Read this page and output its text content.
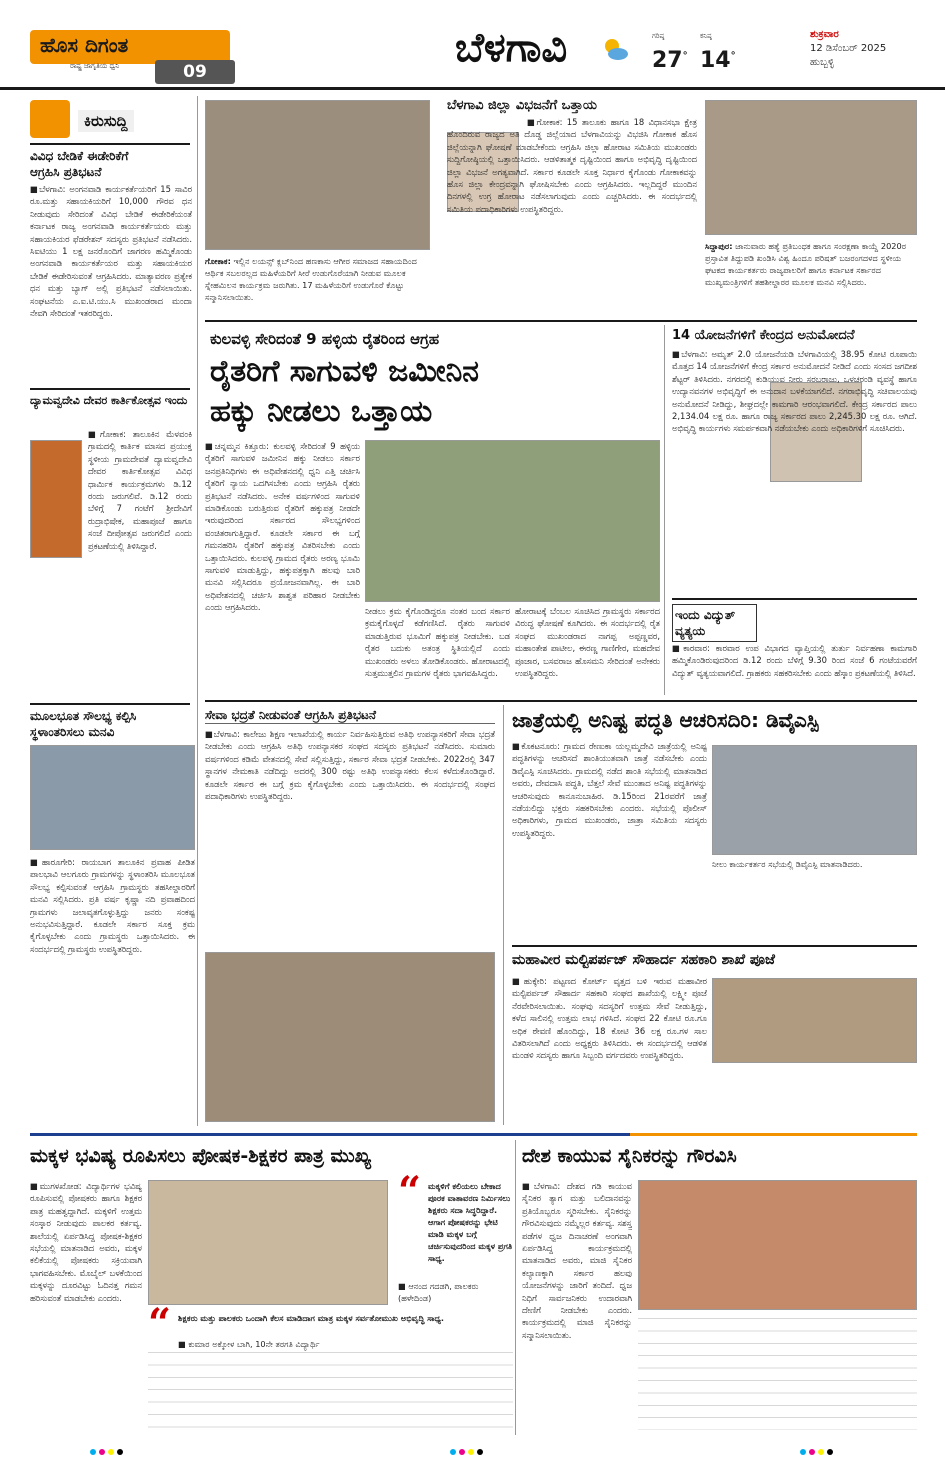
ಹೊಸ ದಿಗಂತ
ರಾಷ್ಟ್ರ ಜಾಗೃತಿಯ ಧ್ವನಿ	09
ಬೆಳಗಾವಿ	ಗರಿಷ್ಠ
27°
ಕನಿಷ್ಠ
14°
ಶುಕ್ರವಾರ
12 ಡಿಸೆಂಬರ್ 2025
ಹುಬ್ಬಳ್ಳಿ
ಕಿರುಸುದ್ದಿ
ವಿವಿಧ ಬೇಡಿಕೆ ಈಡೇರಿಕೆಗೆ
ಆಗ್ರಹಿಸಿ ಪ್ರತಿಭಟನೆ
■ಬೆಳಗಾವಿ: ಅಂಗನವಾಡಿ ಕಾರ್ಯಕರ್ತೆಯರಿಗೆ 15 ಸಾವಿರ ರೂ.ಮತ್ತು ಸಹಾಯಕಿಯರಿಗೆ 10,000 ಗೌರವ ಧನ ನೀಡುವುದು ಸೇರಿದಂತೆ ವಿವಿಧ ಬೇಡಿಕೆ ಈಡೇರಿಕೆಯಂತೆ ಕರ್ನಾಟಕ ರಾಜ್ಯ ಅಂಗನವಾಡಿ ಕಾರ್ಯಕರ್ತೆಯರು ಮತ್ತು ಸಹಾಯಕಿಯರ ಫೆಡರೇಶನ್ ಸದಸ್ಯರು ಪ್ರತಿಭಟನೆ ನಡೆಸಿದರು. ಸಿಐಟಿಯು 1 ಲಕ್ಷ ಜನರೊಂದಿಗೆ ಜಾಗರಣ ಹಮ್ಮಿಕೊಂಡು ಅಂಗನವಾಡಿ ಕಾರ್ಯಕರ್ತೆಯರ ಮತ್ತು ಸಹಾಯಕಿಯರ ಬೇಡಿಕೆ ಈಡೇರಿಸುವಂತೆ ಆಗ್ರಹಿಸಿದರು. ಮಾತ್ಯಾವರಣ ಪ್ರತ್ಯೇಕ ಧನ ಮತ್ತು ಬ್ಯಾಗ್ ಅಲ್ಲಿ ಪ್ರತಿಭಟನೆ ನಡೆಸಲಾಯಿತು. ಸಂಘಟನೆಯ ಎ.ಐ.ಟಿ.ಯು.ಸಿ ಮುಖಂಡರಾದ ಮಂದಾ ನೇವಗಿ ಸೇರಿದಂತೆ ಇತರರಿದ್ದರು.
ದ್ಯಾಮವ್ವದೇವಿ ದೇವರ ಕಾರ್ತಿಕೋತ್ಸವ ಇಂದು
■ಗೋಕಾಕ: ತಾಲೂಕಿನ ಮೆಳವಂಕಿ ಗ್ರಾಮದಲ್ಲಿ ಕಾರ್ತಿಕ ಮಾಸದ ಪ್ರಯುಕ್ತ ಸ್ಥಳೀಯ ಗ್ರಾಮದೇವತೆ ದ್ಯಾಮವ್ವದೇವಿ ದೇವರ ಕಾರ್ತಿಕೋತ್ಸವ ವಿವಿಧ ಧಾರ್ಮಿಕ ಕಾರ್ಯಕ್ರಮಗಳು ಡಿ.12 ರಂದು ಜರುಗಲಿವೆ. ಡಿ.12 ರಂದು ಬೆಳಿಗ್ಗೆ 7 ಗಂಟೆಗೆ ಶ್ರೀದೇವಿಗೆ ರುದ್ರಾಭಿಷೇಕ, ಮಹಾಪೂಜೆ ಹಾಗೂ ಸಂಜೆ ದೀಪೋತ್ಸವ ಜರುಗಲಿದೆ ಎಂದು ಪ್ರಕಟಣೆಯಲ್ಲಿ ತಿಳಿಸಿದ್ದಾರೆ.
ಮೂಲಭೂತ ಸೌಲಭ್ಯ ಕಲ್ಪಿಸಿ
ಸ್ಥಳಾಂತರಿಸಲು ಮನವಿ
■ಹಾರೂಗೇರಿ: ರಾಯಬಾಗ ತಾಲೂಕಿನ ಪ್ರವಾಹ ಪೀಡಿತ ಪಾಲಭಾವಿ ಆಲಗೂರು ಗ್ರಾಮಗಳನ್ನು ಸ್ಥಳಾಂತರಿಸಿ ಮೂಲಭೂತ ಸೌಲಭ್ಯ ಕಲ್ಪಿಸುವಂತೆ ಆಗ್ರಹಿಸಿ ಗ್ರಾಮಸ್ಥರು ತಹಸೀಲ್ದಾರರಿಗೆ ಮನವಿ ಸಲ್ಲಿಸಿದರು. ಪ್ರತಿ ವರ್ಷ ಕೃಷ್ಣಾ ನದಿ ಪ್ರವಾಹದಿಂದ ಗ್ರಾಮಗಳು ಜಲಾವೃತಗೊಳ್ಳುತ್ತಿದ್ದು ಜನರು ಸಂಕಷ್ಟ ಅನುಭವಿಸುತ್ತಿದ್ದಾರೆ. ಕೂಡಲೇ ಸರ್ಕಾರ ಸೂಕ್ತ ಕ್ರಮ ಕೈಗೊಳ್ಳಬೇಕು ಎಂದು ಗ್ರಾಮಸ್ಥರು ಒತ್ತಾಯಿಸಿದರು. ಈ ಸಂದರ್ಭದಲ್ಲಿ ಗ್ರಾಮಸ್ಥರು ಉಪಸ್ಥಿತರಿದ್ದರು.
ಗೋಕಾಕ: ಇಲ್ಲಿನ ಲಯನ್ಸ್ ಕ್ಲಬ್‌ನಿಂದ ಹಣಕಾಸು ಆಗೀರ ಸಮಾಜದ ಸಹಾಯದಿಂದ ಆರ್ಥಿಕ ಸಬಲರಲ್ಲದ ಮಹಿಳೆಯರಿಗೆ ಸೀರೆ ಉಡುಗೊರೆಯಾಗಿ ನೀಡುವ ಮೂಲಕ ಸ್ನೇಹಮಿಲನ ಕಾರ್ಯಕ್ರಮ ಜರುಗಿತು. 17 ಮಹಿಳೆಯರಿಗೆ ಉಡುಗೊರೆ ಕೊಟ್ಟು ಸನ್ಮಾನಿಸಲಾಯಿತು.
ಬೆಳಗಾವಿ ಜಿಲ್ಲಾ ವಿಭಜನೆಗೆ ಒತ್ತಾಯ
■ಗೋಕಾಕ: 15 ತಾಲೂಕು ಹಾಗೂ 18 ವಿಧಾನಸಭಾ ಕ್ಷೇತ್ರ ಹೊಂದಿರುವ ರಾಜ್ಯದ ಅತಿ ದೊಡ್ಡ ಜಿಲ್ಲೆಯಾದ ಬೆಳಗಾವಿಯನ್ನು ವಿಭಜಿಸಿ ಗೋಕಾಕ ಹೊಸ ಜಿಲ್ಲೆಯನ್ನಾಗಿ ಘೋಷಣೆ ಮಾಡಬೇಕೆಂದು ಆಗ್ರಹಿಸಿ ಜಿಲ್ಲಾ ಹೋರಾಟ ಸಮಿತಿಯ ಮುಖಂಡರು ಸುದ್ದಿಗೋಷ್ಠಿಯಲ್ಲಿ ಒತ್ತಾಯಿಸಿದರು. ಆಡಳಿತಾತ್ಮಕ ದೃಷ್ಟಿಯಿಂದ ಹಾಗೂ ಅಭಿವೃದ್ಧಿ ದೃಷ್ಟಿಯಿಂದ ಜಿಲ್ಲಾ ವಿಭಜನೆ ಅಗತ್ಯವಾಗಿದೆ. ಸರ್ಕಾರ ಕೂಡಲೇ ಸೂಕ್ತ ನಿರ್ಧಾರ ಕೈಗೊಂಡು ಗೋಕಾಕವನ್ನು ಹೊಸ ಜಿಲ್ಲಾ ಕೇಂದ್ರವನ್ನಾಗಿ ಘೋಷಿಸಬೇಕು ಎಂದು ಆಗ್ರಹಿಸಿದರು. ಇಲ್ಲದಿದ್ದರೆ ಮುಂದಿನ ದಿನಗಳಲ್ಲಿ ಉಗ್ರ ಹೋರಾಟ ನಡೆಸಲಾಗುವುದು ಎಂದು ಎಚ್ಚರಿಸಿದರು. ಈ ಸಂದರ್ಭದಲ್ಲಿ ಸಮಿತಿಯ ಪದಾಧಿಕಾರಿಗಳು ಉಪಸ್ಥಿತರಿದ್ದರು.
ಸಿದ್ದಾಪುರ: ಜಾನುವಾರು ಹತ್ಯೆ ಪ್ರತಿಬಂಧಕ ಹಾಗೂ ಸಂರಕ್ಷಣಾ ಕಾಯ್ದೆ 2020ರ ಪ್ರಸ್ತಾವಿತ ತಿದ್ದುಪಡಿ ಖಂಡಿಸಿ ವಿಶ್ವ ಹಿಂದೂ ಪರಿಷತ್ ಬಜರಂಗದಳದ ಸ್ಥಳೀಯ ಘಟಕದ ಕಾರ್ಯಕರ್ತರು ರಾಜ್ಯಪಾಲರಿಗೆ ಹಾಗೂ ಕರ್ನಾಟಕ ಸರ್ಕಾರದ ಮುಖ್ಯಮಂತ್ರಿಗಳಿಗೆ ತಹಶೀಲ್ದಾರರ ಮೂಲಕ ಮನವಿ ಸಲ್ಲಿಸಿದರು.
ಕುಲವಳ್ಳಿ ಸೇರಿದಂತೆ 9 ಹಳ್ಳಿಯ ರೈತರಿಂದ ಆಗ್ರಹ
ರೈತರಿಗೆ ಸಾಗುವಳಿ ಜಮೀನಿನ
ಹಕ್ಕು ನೀಡಲು ಒತ್ತಾಯ
■ಚನ್ನಮ್ಮನ ಕಿತ್ತೂರು: ಕುಲವಳ್ಳಿ ಸೇರಿದಂತೆ 9 ಹಳ್ಳಿಯ ರೈತರಿಗೆ ಸಾಗುವಳಿ ಜಮೀನಿನ ಹಕ್ಕು ನೀಡಲು ಸರ್ಕಾರ ಜನಪ್ರತಿನಿಧಿಗಳು ಈ ಅಧಿವೇಶನದಲ್ಲಿ ಧ್ವನಿ ಎತ್ತಿ ಚರ್ಚಿಸಿ ರೈತರಿಗೆ ನ್ಯಾಯ ಒದಗಿಸಬೇಕು ಎಂದು ಆಗ್ರಹಿಸಿ ರೈತರು ಪ್ರತಿಭಟನೆ ನಡೆಸಿದರು. ಅನೇಕ ವರ್ಷಗಳಿಂದ ಸಾಗುವಳಿ ಮಾಡಿಕೊಂಡು ಬರುತ್ತಿರುವ ರೈತರಿಗೆ ಹಕ್ಕುಪತ್ರ ನೀಡದೇ ಇರುವುದರಿಂದ ಸರ್ಕಾರದ ಸೌಲಭ್ಯಗಳಿಂದ ವಂಚಿತರಾಗುತ್ತಿದ್ದಾರೆ. ಕೂಡಲೇ ಸರ್ಕಾರ ಈ ಬಗ್ಗೆ ಗಮನಹರಿಸಿ ರೈತರಿಗೆ ಹಕ್ಕುಪತ್ರ ವಿತರಿಸಬೇಕು ಎಂದು ಒತ್ತಾಯಿಸಿದರು. ಕುಲವಳ್ಳಿ ಗ್ರಾಮದ ರೈತರು ಅರಣ್ಯ ಭೂಮಿ ಸಾಗುವಳಿ ಮಾಡುತ್ತಿದ್ದು, ಹಕ್ಕುಪತ್ರಕ್ಕಾಗಿ ಹಲವು ಬಾರಿ ಮನವಿ ಸಲ್ಲಿಸಿದರೂ ಪ್ರಯೋಜನವಾಗಿಲ್ಲ. ಈ ಬಾರಿ ಅಧಿವೇಶನದಲ್ಲಿ ಚರ್ಚಿಸಿ ಶಾಶ್ವತ ಪರಿಹಾರ ನೀಡಬೇಕು ಎಂದು ಆಗ್ರಹಿಸಿದರು.	ನೀಡಲು ಕ್ರಮ ಕೈಗೊಂಡಿದ್ದರೂ ನಂತರ ಬಂದ ಸರ್ಕಾರ ಕ್ರಮಕೈಗೊಳ್ಳದೆ ಕಡೆಗಣಿಸಿದೆ. ರೈತರು ಸಾಗುವಳಿ ಮಾಡುತ್ತಿರುವ ಭೂಮಿಗೆ ಹಕ್ಕುಪತ್ರ ನೀಡಬೇಕು. ಬಡ ರೈತರ ಬದುಕು ಅತಂತ್ರ ಸ್ಥಿತಿಯಲ್ಲಿದೆ ಎಂದು ಮುಖಂಡರು ಅಳಲು ತೋಡಿಕೊಂಡರು. ಹೋರಾಟದಲ್ಲಿ ಸುತ್ತಮುತ್ತಲಿನ ಗ್ರಾಮಗಳ ರೈತರು ಭಾಗವಹಿಸಿದ್ದರು.
ಹೋರಾಟಕ್ಕೆ ಬೆಂಬಲ ಸೂಚಿಸಿದ ಗ್ರಾಮಸ್ಥರು ಸರ್ಕಾರದ ವಿರುದ್ಧ ಘೋಷಣೆ ಕೂಗಿದರು. ಈ ಸಂದರ್ಭದಲ್ಲಿ ರೈತ ಸಂಘದ ಮುಖಂಡರಾದ ನಾಗಪ್ಪ ಅಪ್ಪಣ್ಣವರ, ಮಹಾಂತೇಶ ಪಾಟೀಲ, ಈರಣ್ಣ ಗಾಣಿಗೇರ, ಮಹದೇವ ಪೂಜಾರ, ಬಸವರಾಜ ಹೊಸಮನಿ ಸೇರಿದಂತೆ ಅನೇಕರು ಉಪಸ್ಥಿತರಿದ್ದರು.
14 ಯೋಜನೆಗಳಿಗೆ ಕೇಂದ್ರದ ಅನುಮೋದನೆ
■ಬೆಳಗಾವಿ: ಅಮೃತ್ 2.0 ಯೋಜನೆಯಡಿ ಬೆಳಗಾವಿಯಲ್ಲಿ 38.95 ಕೋಟಿ ರೂಪಾಯಿ ಮೊತ್ತದ 14 ಯೋಜನೆಗಳಿಗೆ ಕೇಂದ್ರ ಸರ್ಕಾರ ಅನುಮೋದನೆ ನೀಡಿದೆ ಎಂದು ಸಂಸದ ಜಗದೀಶ ಶೆಟ್ಟರ್ ತಿಳಿಸಿದರು. ನಗರದಲ್ಲಿ ಕುಡಿಯುವ ನೀರು ಸರಬರಾಜು, ಒಳಚರಂಡಿ ವ್ಯವಸ್ಥೆ ಹಾಗೂ ಉದ್ಯಾನವನಗಳ ಅಭಿವೃದ್ಧಿಗೆ ಈ ಅನುದಾನ ಬಳಕೆಯಾಗಲಿದೆ. ನಗರಾಭಿವೃದ್ಧಿ ಸಚಿವಾಲಯವು ಅನುಮೋದನೆ ನೀಡಿದ್ದು, ಶೀಘ್ರದಲ್ಲೇ ಕಾಮಗಾರಿ ಆರಂಭವಾಗಲಿದೆ. ಕೇಂದ್ರ ಸರ್ಕಾರದ ಪಾಲು 2,134.04 ಲಕ್ಷ ರೂ. ಹಾಗೂ ರಾಜ್ಯ ಸರ್ಕಾರದ ಪಾಲು 2,245.30 ಲಕ್ಷ ರೂ. ಆಗಿದೆ. ಅಭಿವೃದ್ಧಿ ಕಾರ್ಯಗಳು ಸಮರ್ಪಕವಾಗಿ ನಡೆಯಬೇಕು ಎಂದು ಅಧಿಕಾರಿಗಳಿಗೆ ಸೂಚಿಸಿದರು.
ಇಂದು ವಿದ್ಯುತ್
ವ್ಯತ್ಯಯ
■ಕಾರವಾರ: ಕಾರವಾರ ಉಪ ವಿಭಾಗದ ವ್ಯಾಪ್ತಿಯಲ್ಲಿ ತುರ್ತು ನಿರ್ವಹಣಾ ಕಾಮಗಾರಿ ಹಮ್ಮಿಕೊಂಡಿರುವುದರಿಂದ ಡಿ.12 ರಂದು ಬೆಳಿಗ್ಗೆ 9.30 ರಿಂದ ಸಂಜೆ 6 ಗಂಟೆಯವರೆಗೆ ವಿದ್ಯುತ್ ವ್ಯತ್ಯಯವಾಗಲಿದೆ. ಗ್ರಾಹಕರು ಸಹಕರಿಸಬೇಕು ಎಂದು ಹೆಸ್ಕಾಂ ಪ್ರಕಟಣೆಯಲ್ಲಿ ತಿಳಿಸಿದೆ.
ಸೇವಾ ಭದ್ರತೆ ನೀಡುವಂತೆ ಆಗ್ರಹಿಸಿ ಪ್ರತಿಭಟನೆ
■ಬೆಳಗಾವಿ: ಕಾಲೇಜು ಶಿಕ್ಷಣ ಇಲಾಖೆಯಲ್ಲಿ ಕಾರ್ಯ ನಿರ್ವಹಿಸುತ್ತಿರುವ ಅತಿಥಿ ಉಪನ್ಯಾಸಕರಿಗೆ ಸೇವಾ ಭದ್ರತೆ ನೀಡಬೇಕು ಎಂದು ಆಗ್ರಹಿಸಿ ಅತಿಥಿ ಉಪನ್ಯಾಸಕರ ಸಂಘದ ಸದಸ್ಯರು ಪ್ರತಿಭಟನೆ ನಡೆಸಿದರು. ಸುಮಾರು ವರ್ಷಗಳಿಂದ ಕಡಿಮೆ ವೇತನದಲ್ಲಿ ಸೇವೆ ಸಲ್ಲಿಸುತ್ತಿದ್ದು, ಸರ್ಕಾರ ಸೇವಾ ಭದ್ರತೆ ನೀಡಬೇಕು. 2022ರಲ್ಲಿ 347 ಸ್ಥಾನಗಳ ನೇಮಕಾತಿ ನಡೆದಿದ್ದು ಅದರಲ್ಲಿ 300 ರಷ್ಟು ಅತಿಥಿ ಉಪನ್ಯಾಸಕರು ಕೆಲಸ ಕಳೆದುಕೊಂಡಿದ್ದಾರೆ. ಕೂಡಲೇ ಸರ್ಕಾರ ಈ ಬಗ್ಗೆ ಕ್ರಮ ಕೈಗೊಳ್ಳಬೇಕು ಎಂದು ಒತ್ತಾಯಿಸಿದರು. ಈ ಸಂದರ್ಭದಲ್ಲಿ ಸಂಘದ ಪದಾಧಿಕಾರಿಗಳು ಉಪಸ್ಥಿತರಿದ್ದರು.
ಜಾತ್ರೆಯಲ್ಲಿ ಅನಿಷ್ಟ ಪದ್ಧತಿ ಆಚರಿಸದಿರಿ: ಡಿವೈಎಸ್ಪಿ
■ಕೊಕಟನೂರು: ಗ್ರಾಮದ ರೇಣುಕಾ ಯಲ್ಲಮ್ಮದೇವಿ ಜಾತ್ರೆಯಲ್ಲಿ ಅನಿಷ್ಟ ಪದ್ಧತಿಗಳನ್ನು ಆಚರಿಸದೆ ಶಾಂತಿಯುತವಾಗಿ ಜಾತ್ರೆ ನಡೆಸಬೇಕು ಎಂದು ಡಿವೈಎಸ್ಪಿ ಸೂಚಿಸಿದರು. ಗ್ರಾಮದಲ್ಲಿ ನಡೆದ ಶಾಂತಿ ಸಭೆಯಲ್ಲಿ ಮಾತನಾಡಿದ ಅವರು, ದೇವದಾಸಿ ಪದ್ಧತಿ, ಬೆತ್ತಲೆ ಸೇವೆ ಮುಂತಾದ ಅನಿಷ್ಟ ಪದ್ಧತಿಗಳನ್ನು ಆಚರಿಸುವುದು ಕಾನೂನುಬಾಹಿರ. ಡಿ.15ರಿಂದ 21ರವರೆಗೆ ಜಾತ್ರೆ ನಡೆಯಲಿದ್ದು ಭಕ್ತರು ಸಹಕರಿಸಬೇಕು ಎಂದರು. ಸಭೆಯಲ್ಲಿ ಪೊಲೀಸ್ ಅಧಿಕಾರಿಗಳು, ಗ್ರಾಮದ ಮುಖಂಡರು, ಜಾತ್ರಾ ಸಮಿತಿಯ ಸದಸ್ಯರು ಉಪಸ್ಥಿತರಿದ್ದರು.
ನೀಲು ಕಾರ್ಯಕರ್ತರ ಸಭೆಯಲ್ಲಿ ಡಿವೈಎಸ್ಪಿ ಮಾತನಾಡಿದರು.
ಮಹಾವೀರ ಮಲ್ಟಿಪರ್ಪಜ್ ಸೌಹಾರ್ದ ಸಹಕಾರಿ ಶಾಖೆ ಪೂಜೆ
■ಹುಕ್ಕೇರಿ: ಪಟ್ಟಣದ ಕೋರ್ಟ್ ವೃತ್ತದ ಬಳಿ ಇರುವ ಮಹಾವೀರ ಮಲ್ಟಿಪರ್ಪಜ್ ಸೌಹಾರ್ದ ಸಹಕಾರಿ ಸಂಘದ ಶಾಖೆಯಲ್ಲಿ ಲಕ್ಷ್ಮೀ ಪೂಜೆ ನೆರವೇರಿಸಲಾಯಿತು. ಸಂಘವು ಸದಸ್ಯರಿಗೆ ಉತ್ತಮ ಸೇವೆ ನೀಡುತ್ತಿದ್ದು, ಕಳೆದ ಸಾಲಿನಲ್ಲಿ ಉತ್ತಮ ಲಾಭ ಗಳಿಸಿದೆ. ಸಂಘದ 22 ಕೋಟಿ ರೂ.ಗೂ ಅಧಿಕ ಠೇವಣಿ ಹೊಂದಿದ್ದು, 18 ಕೋಟಿ 36 ಲಕ್ಷ ರೂ.ಗಳ ಸಾಲ ವಿತರಿಸಲಾಗಿದೆ ಎಂದು ಅಧ್ಯಕ್ಷರು ತಿಳಿಸಿದರು. ಈ ಸಂದರ್ಭದಲ್ಲಿ ಆಡಳಿತ ಮಂಡಳಿ ಸದಸ್ಯರು ಹಾಗೂ ಸಿಬ್ಬಂದಿ ವರ್ಗದವರು ಉಪಸ್ಥಿತರಿದ್ದರು.
ಮಕ್ಕಳ ಭವಿಷ್ಯ ರೂಪಿಸಲು ಪೋಷಕ-ಶಿಕ್ಷಕರ ಪಾತ್ರ ಮುಖ್ಯ
■ಮುಗಳಖೋಡ: ವಿದ್ಯಾರ್ಥಿಗಳ ಭವಿಷ್ಯ ರೂಪಿಸುವಲ್ಲಿ ಪೋಷಕರು ಹಾಗೂ ಶಿಕ್ಷಕರ ಪಾತ್ರ ಮಹತ್ವದ್ದಾಗಿದೆ. ಮಕ್ಕಳಿಗೆ ಉತ್ತಮ ಸಂಸ್ಕಾರ ನೀಡುವುದು ಪಾಲಕರ ಕರ್ತವ್ಯ. ಶಾಲೆಯಲ್ಲಿ ಏರ್ಪಡಿಸಿದ್ದ ಪೋಷಕ-ಶಿಕ್ಷಕರ ಸಭೆಯಲ್ಲಿ ಮಾತನಾಡಿದ ಅವರು, ಮಕ್ಕಳ ಕಲಿಕೆಯಲ್ಲಿ ಪೋಷಕರು ಸಕ್ರಿಯವಾಗಿ ಭಾಗವಹಿಸಬೇಕು. ಮೊಬೈಲ್ ಬಳಕೆಯಿಂದ ಮಕ್ಕಳನ್ನು ದೂರವಿಟ್ಟು ಓದಿನತ್ತ ಗಮನ ಹರಿಸುವಂತೆ ಮಾಡಬೇಕು ಎಂದರು.
“ ಮಕ್ಕಳಿಗೆ ಕಲಿಯಲು ಬೇಕಾದ ಪೂರಕ ವಾತಾವರಣ ನಿರ್ಮಿಸಲು ಶಿಕ್ಷಕರು ಸದಾ ಸಿದ್ಧರಿದ್ದಾರೆ. ಆಗಾಗ ಪೋಷಕರನ್ನು ಭೇಟಿ ಮಾಡಿ ಮಕ್ಕಳ ಬಗ್ಗೆ ಚರ್ಚಿಸುವುದರಿಂದ ಮಕ್ಕಳ ಪ್ರಗತಿ ಸಾಧ್ಯ.
■ ಆನಂದ ಗದಡಗಿ, ಪಾಲಕರು (ಹಳೇದಿಂಡ)
“ ಶಿಕ್ಷಕರು ಮತ್ತು ಪಾಲಕರು ಒಂದಾಗಿ ಕೆಲಸ ಮಾಡಿದಾಗ ಮಾತ್ರ ಮಕ್ಕಳ ಸರ್ವತೋಮುಖ ಅಭಿವೃದ್ಧಿ ಸಾಧ್ಯ.
■ ಕುಮಾರ ಅಕ್ಕೋಳ ಬಾಗಿ, 10ನೇ ತರಗತಿ ವಿದ್ಯಾರ್ಥಿ
ದೇಶ ಕಾಯುವ ಸೈನಿಕರನ್ನು ಗೌರವಿಸಿ
■ಬೆಳಗಾವಿ: ದೇಶದ ಗಡಿ ಕಾಯುವ ಸೈನಿಕರ ತ್ಯಾಗ ಮತ್ತು ಬಲಿದಾನವನ್ನು ಪ್ರತಿಯೊಬ್ಬರೂ ಸ್ಮರಿಸಬೇಕು. ಸೈನಿಕರನ್ನು ಗೌರವಿಸುವುದು ನಮ್ಮೆಲ್ಲರ ಕರ್ತವ್ಯ. ಸಶಸ್ತ್ರ ಪಡೆಗಳ ಧ್ವಜ ದಿನಾಚರಣೆ ಅಂಗವಾಗಿ ಏರ್ಪಡಿಸಿದ್ದ ಕಾರ್ಯಕ್ರಮದಲ್ಲಿ ಮಾತನಾಡಿದ ಅವರು, ಮಾಜಿ ಸೈನಿಕರ ಕಲ್ಯಾಣಕ್ಕಾಗಿ ಸರ್ಕಾರ ಹಲವು ಯೋಜನೆಗಳನ್ನು ಜಾರಿಗೆ ತಂದಿದೆ. ಧ್ವಜ ನಿಧಿಗೆ ಸಾರ್ವಜನಿಕರು ಉದಾರವಾಗಿ ದೇಣಿಗೆ ನೀಡಬೇಕು ಎಂದರು. ಕಾರ್ಯಕ್ರಮದಲ್ಲಿ ಮಾಜಿ ಸೈನಿಕರನ್ನು ಸನ್ಮಾನಿಸಲಾಯಿತು.
